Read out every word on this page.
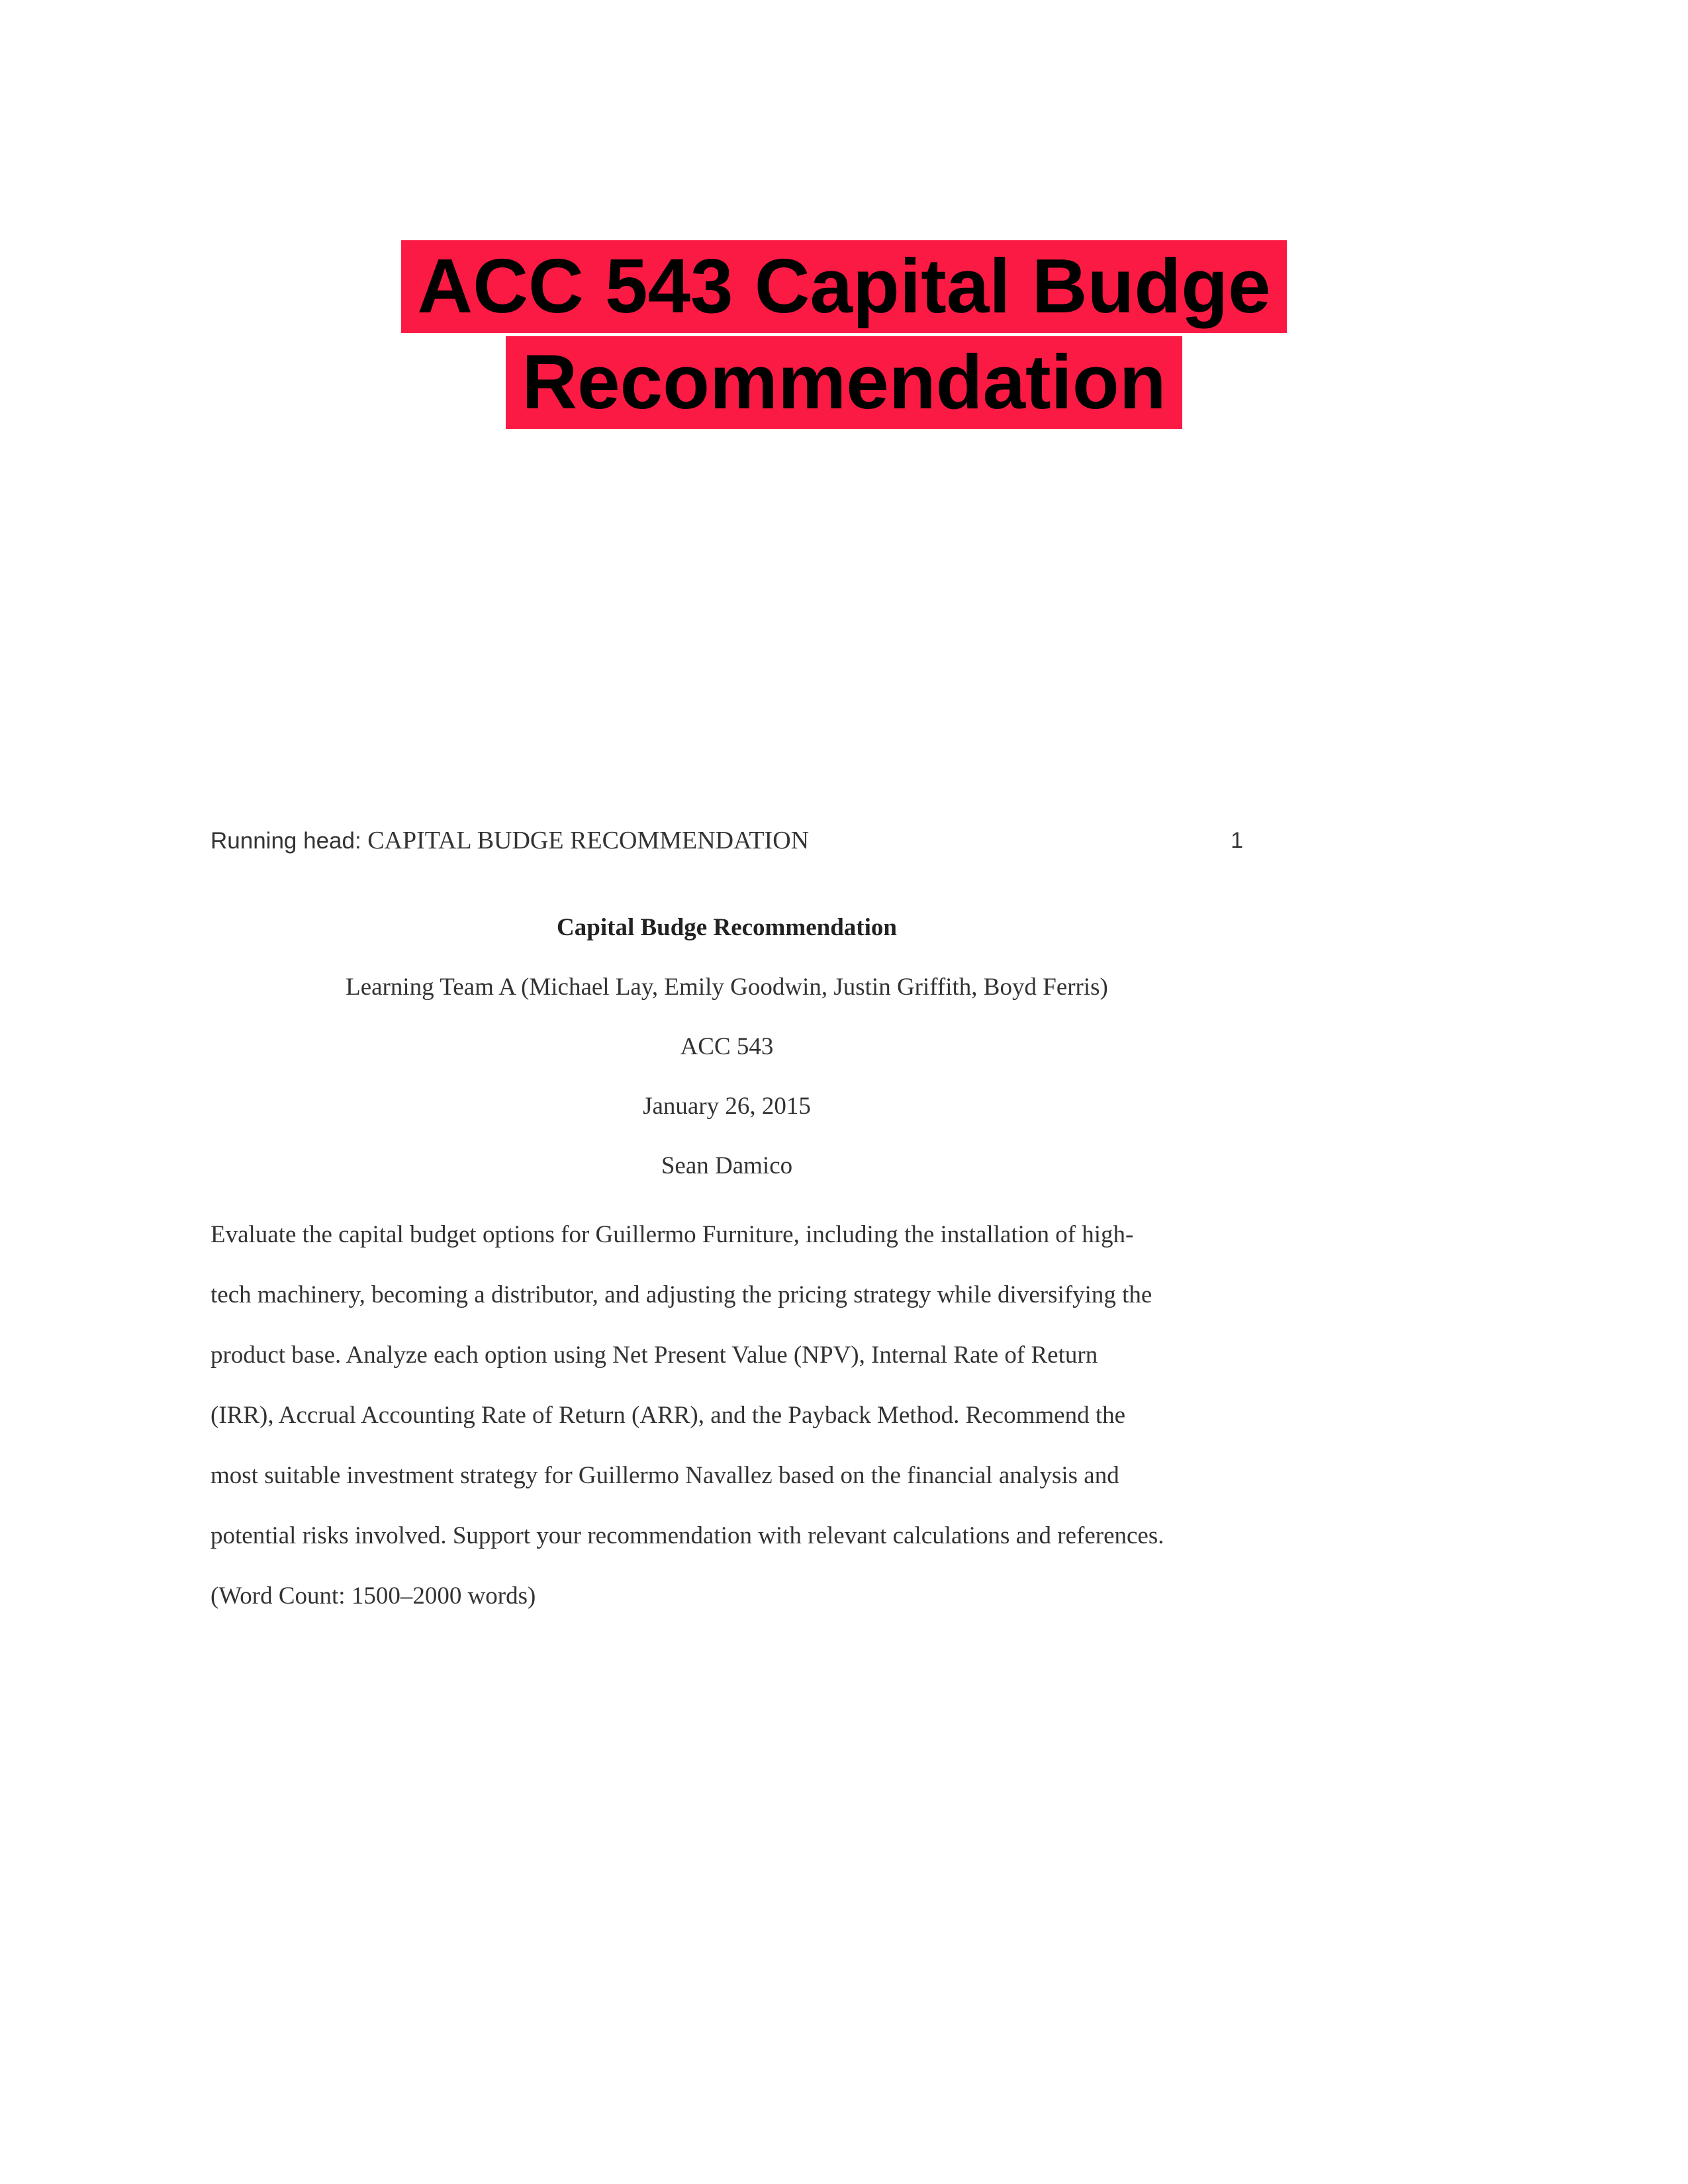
ACC 543 Capital Budge
Recommendation
Running head: CAPITAL BUDGE RECOMMENDATION	1
Capital Budge Recommendation
Learning Team A (Michael Lay, Emily Goodwin, Justin Griffith, Boyd Ferris)
ACC 543
January 26, 2015
Sean Damico
Evaluate the capital budget options for Guillermo Furniture, including the installation of high-
tech machinery, becoming a distributor, and adjusting the pricing strategy while diversifying the
product base. Analyze each option using Net Present Value (NPV), Internal Rate of Return
(IRR), Accrual Accounting Rate of Return (ARR), and the Payback Method. Recommend the
most suitable investment strategy for Guillermo Navallez based on the financial analysis and
potential risks involved. Support your recommendation with relevant calculations and references.
(Word Count: 1500–2000 words)
